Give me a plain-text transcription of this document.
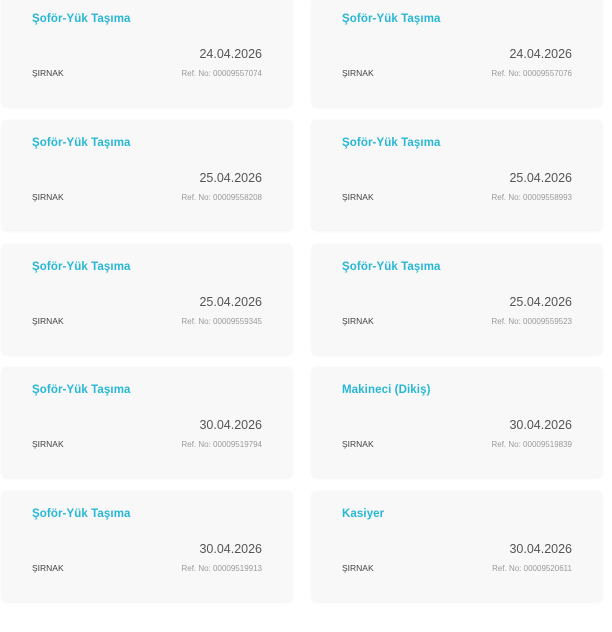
Şoför-Yük Taşıma
24.04.2026
ŞIRNAK	Ref. No: 00009557074
Şoför-Yük Taşıma
24.04.2026
ŞIRNAK	Ref. No: 00009557076
Şoför-Yük Taşıma
25.04.2026
ŞIRNAK	Ref. No: 00009558208
Şoför-Yük Taşıma
25.04.2026
ŞIRNAK	Ref. No: 00009558993
Şoför-Yük Taşıma
25.04.2026
ŞIRNAK	Ref. No: 00009559345
Şoför-Yük Taşıma
25.04.2026
ŞIRNAK	Ref. No: 00009559523
Şoför-Yük Taşıma
30.04.2026
ŞIRNAK	Ref. No: 00009519794
Makineci (Dikiş)
30.04.2026
ŞIRNAK	Ref. No: 00009519839
Şoför-Yük Taşıma
30.04.2026
ŞIRNAK	Ref. No: 00009519913
Kasiyer
30.04.2026
ŞIRNAK	Ref. No: 00009520611
